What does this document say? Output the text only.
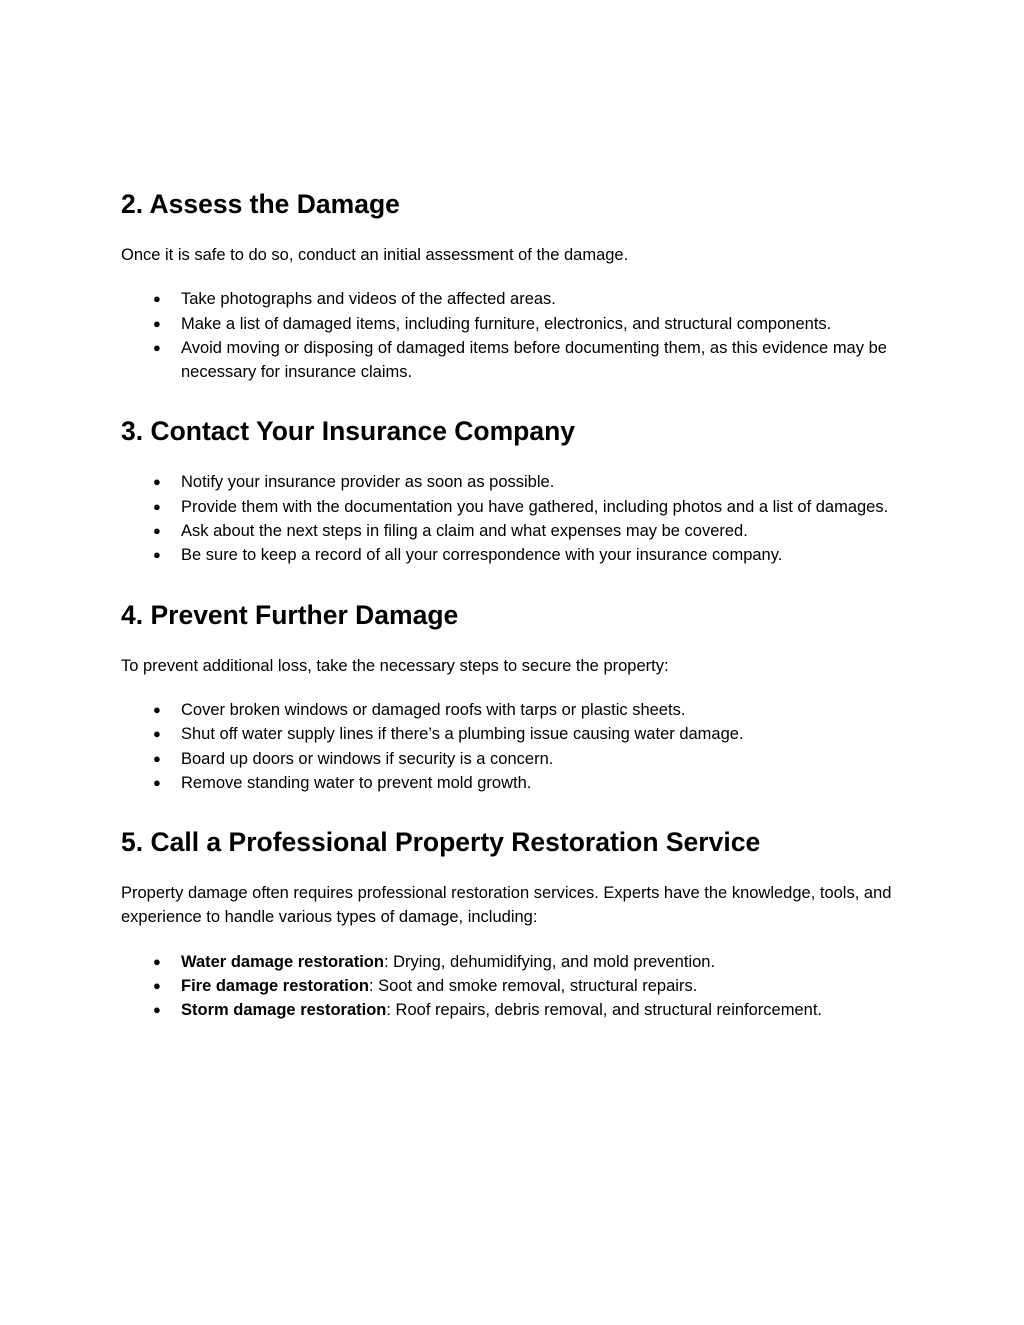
2. Assess the Damage

Once it is safe to do so, conduct an initial assessment of the damage.

● Take photographs and videos of the affected areas.
● Make a list of damaged items, including furniture, electronics, and structural components.
● Avoid moving or disposing of damaged items before documenting them, as this evidence may be necessary for insurance claims.
3. Contact Your Insurance Company
● Notify your insurance provider as soon as possible.
● Provide them with the documentation you have gathered, including photos and a list of damages.
● Ask about the next steps in filing a claim and what expenses may be covered.
● Be sure to keep a record of all your correspondence with your insurance company.
4. Prevent Further Damage

To prevent additional loss, take the necessary steps to secure the property:

● Cover broken windows or damaged roofs with tarps or plastic sheets.
● Shut off water supply lines if there’s a plumbing issue causing water damage.
● Board up doors or windows if security is a concern.
● Remove standing water to prevent mold growth.
5. Call a Professional Property Restoration Service

Property damage often requires professional restoration services. Experts have the knowledge, tools, and experience to handle various types of damage, including:

● Water damage restoration: Drying, dehumidifying, and mold prevention.
● Fire damage restoration: Soot and smoke removal, structural repairs.
● Storm damage restoration: Roof repairs, debris removal, and structural reinforcement.
